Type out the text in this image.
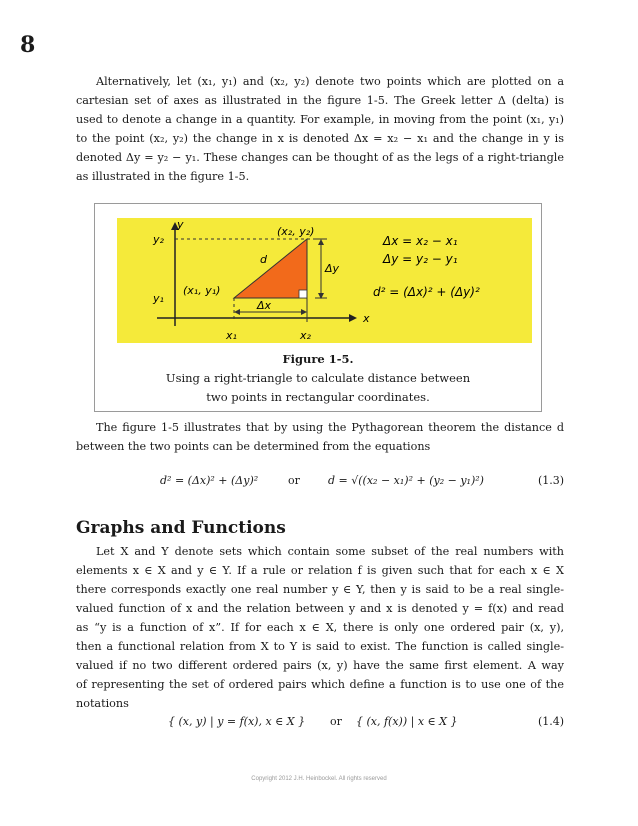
8
Alternatively, let (x₁, y₁) and (x₂, y₂) denote two points which are plotted on a
cartesian set of axes as illustrated in the figure 1-5. The Greek letter Δ (delta) is
used to denote a change in a quantity. For example, in moving from the point (x₁, y₁)
to the point (x₂, y₂) the change in x is denoted Δx = x₂ − x₁ and the change in y is
denoted Δy = y₂ − y₁. These changes can be thought of as the legs of a right-triangle
as illustrated in the figure 1-5.
y
x
y₂
y₁
x₁	x₂
(x₂, y₂)
(x₁, y₁)
d
Δy
Δx
Δx = x₂ − x₁
Δy = y₂ − y₁
d² = (Δx)² + (Δy)²
Figure 1-5.
Using a right-triangle to calculate distance between
two points in rectangular coordinates.
The figure 1-5 illustrates that by using the Pythagorean theorem the distance d
between the two points can be determined from the equations
d² = (Δx)² + (Δy)²	or	d = √((x₂ − x₁)² + (y₂ − y₁)²)	(1.3)
Graphs and Functions
Let X and Y denote sets which contain some subset of the real numbers with
elements x ∈ X and y ∈ Y. If a rule or relation f is given such that for each x ∈ X
there corresponds exactly one real number y ∈ Y, then y is said to be a real single-
valued function of x and the relation between y and x is denoted y = f(x) and read
as “y is a function of x”. If for each x ∈ X, there is only one ordered pair (x, y),
then a functional relation from X to Y is said to exist. The function is called single-
valued if no two different ordered pairs (x, y) have the same first element. A way
of representing the set of ordered pairs which define a function is to use one of the
notations
{ (x, y) | y = f(x), x ∈ X } or { (x, f(x)) | x ∈ X }	(1.4)
Copyright 2012 J.H. Heinbockel. All rights reserved
